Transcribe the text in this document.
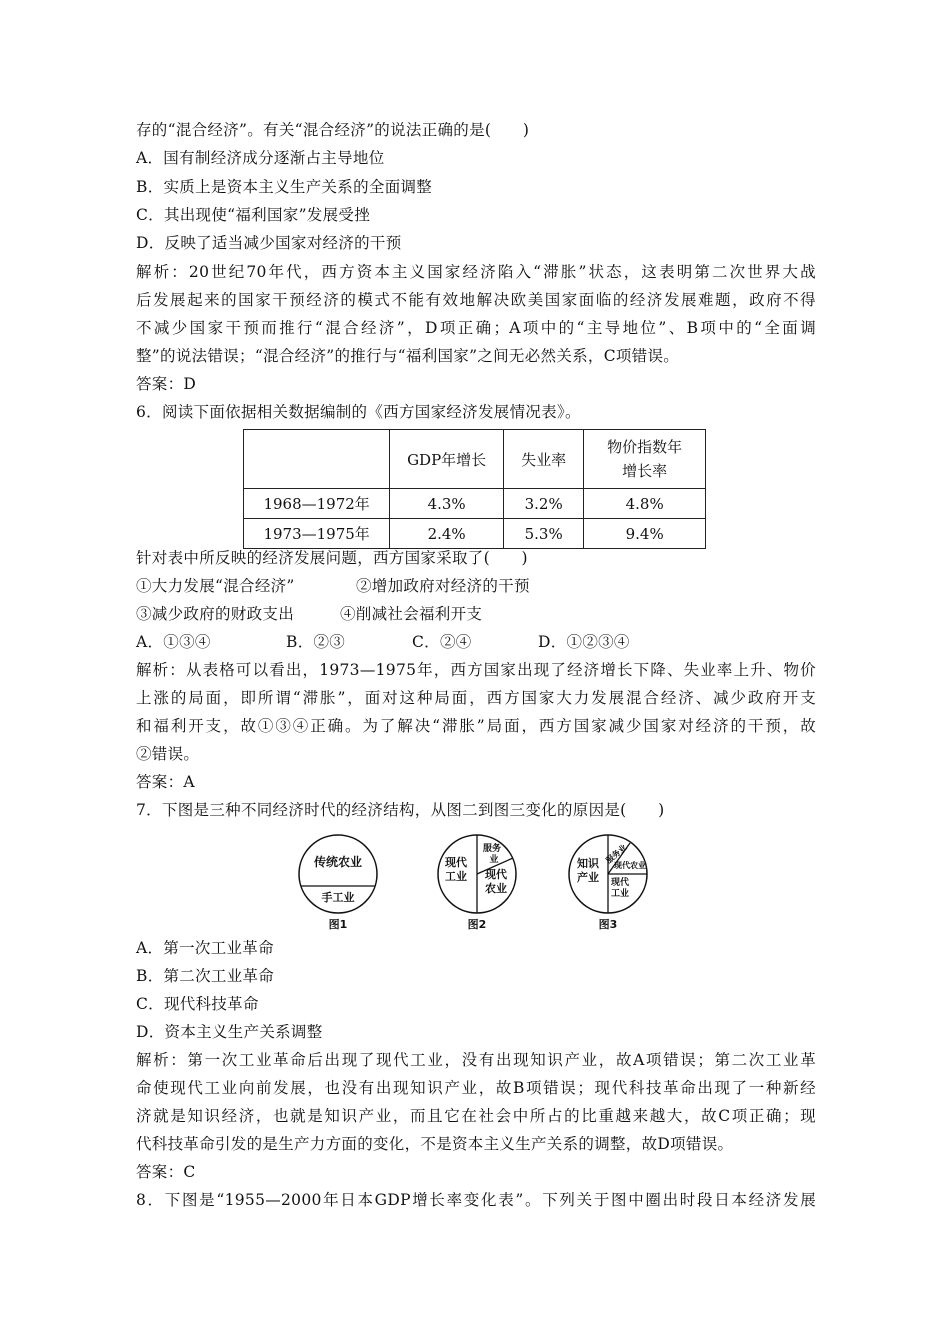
存的“混合经济”。有关“混合经济”的说法正确的是(　　)
A．国有制经济成分逐渐占主导地位
B．实质上是资本主义生产关系的全面调整
C．其出现使“福利国家”发展受挫
D．反映了适当减少国家对经济的干预
解析：20世纪70年代，西方资本主义国家经济陷入“滞胀”状态，这表明第二次世界大战
后发展起来的国家干预经济的模式不能有效地解决欧美国家面临的经济发展难题，政府不得
不减少国家干预而推行“混合经济”，D项正确；A项中的“主导地位”、B项中的“全面调
整”的说法错误；“混合经济”的推行与“福利国家”之间无必然关系，C项错误。
答案：D
6．阅读下面依据相关数据编制的《西方国家经济发展情况表》。
	GDP年增长	失业率	物价指数年
增长率

1968—1972年	4.3%	3.2%	4.8%
1973—1975年	2.4%	5.3%	9.4%
针对表中所反映的经济发展问题，西方国家采取了(　　)
①大力发展“混合经济”	②增加政府对经济的干预
③减少政府的财政支出	④削减社会福利开支
A．①③④	B．②③	C．②④	D．①②③④
解析：从表格可以看出，1973—1975年，西方国家出现了经济增长下降、失业率上升、物价
上涨的局面，即所谓“滞胀”，面对这种局面，西方国家大力发展混合经济、减少政府开支
和福利开支，故①③④正确。为了解决“滞胀”局面，西方国家减少国家对经济的干预，故
②错误。
答案：A
7．下图是三种不同经济时代的经济结构，从图二到图三变化的原因是(　　)
传统农业
手工业
图1
现代
工业
服务
业
现代
农业
图2
知识
产业
服务业
现代农业
现代
工业
图3
A．第一次工业革命
B．第二次工业革命
C．现代科技革命
D．资本主义生产关系调整
解析：第一次工业革命后出现了现代工业，没有出现知识产业，故A项错误；第二次工业革
命使现代工业向前发展，也没有出现知识产业，故B项错误；现代科技革命出现了一种新经
济就是知识经济，也就是知识产业，而且它在社会中所占的比重越来越大，故C项正确；现
代科技革命引发的是生产力方面的变化，不是资本主义生产关系的调整，故D项错误。
答案：C
8．下图是“1955—2000年日本GDP增长率变化表”。下列关于图中圈出时段日本经济发展
